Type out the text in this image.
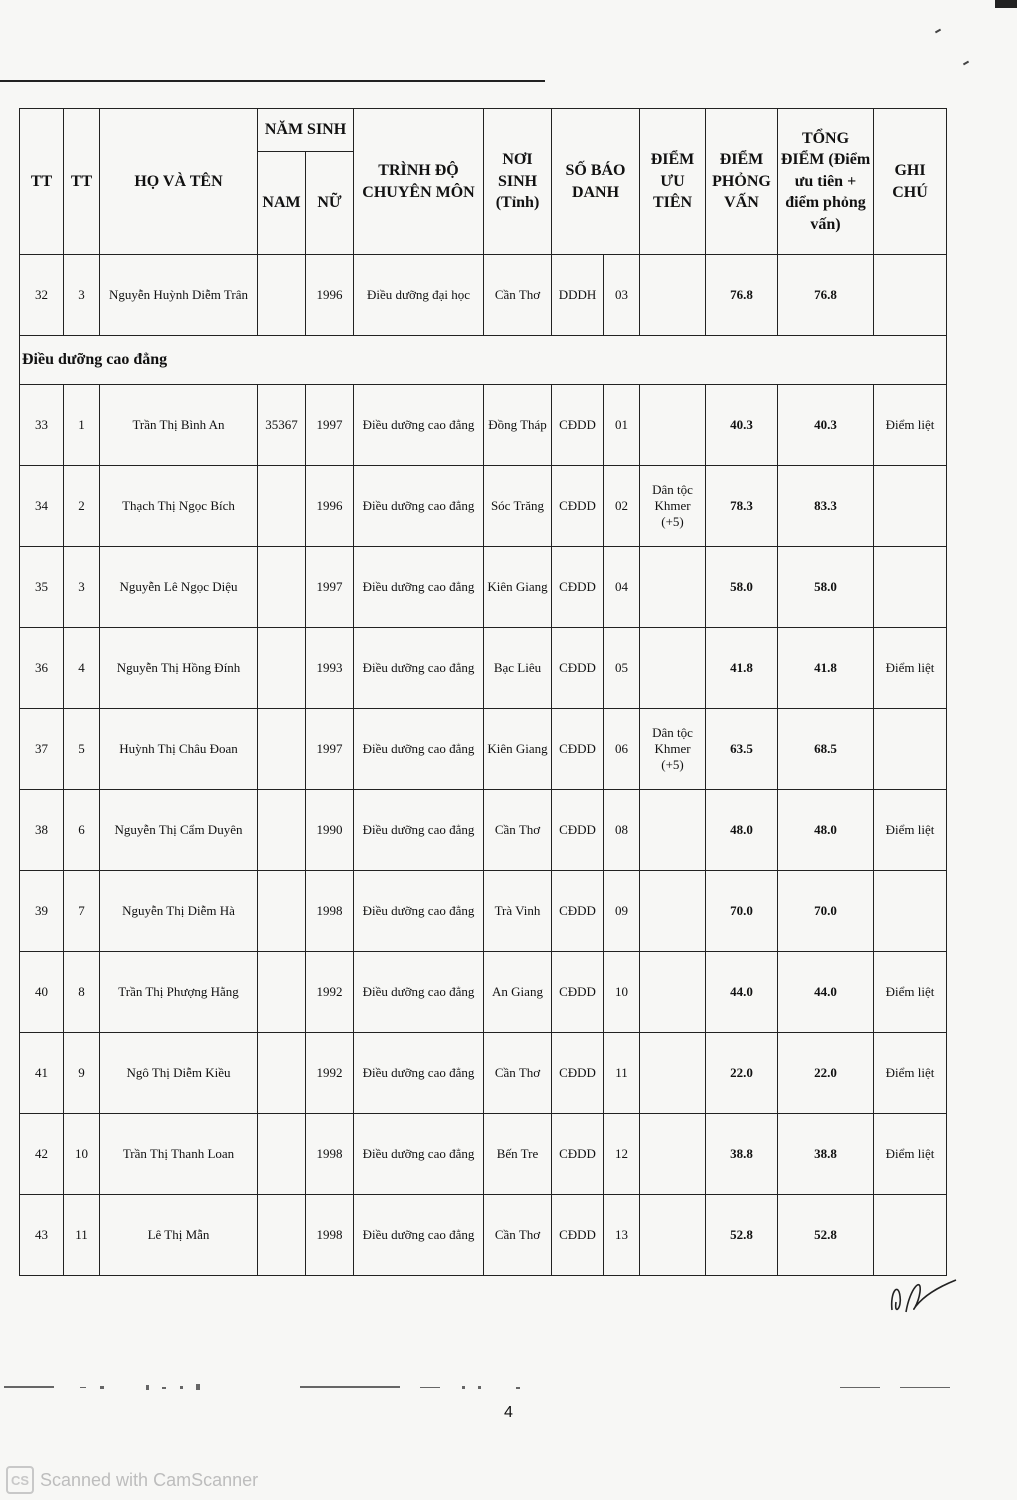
TT	TT	HỌ VÀ TÊN	NĂM SINH		TRÌNH ĐỘ CHUYÊN MÔN	NƠI SINH (Tỉnh)	SỐ BÁO DANH		ĐIỂM ƯU TIÊN	ĐIỂM PHỎNG VẤN	TỔNG ĐIỂM (Điểm ưu tiên + điểm phỏng vấn)	GHI CHÚ
			NAM	NỮ								
32	3	Nguyễn Huỳnh Diễm Trân		1996	Điều dưỡng đại học	Cần Thơ	DDDH	03		76.8	76.8	
Điều dưỡng cao đẳng												
33	1	Trần Thị Bình An	35367	1997	Điều dưỡng cao đẳng	Đồng Tháp	CĐDD	01		40.3	40.3	Điểm liệt
34	2	Thạch Thị Ngọc Bích		1996	Điều dưỡng cao đẳng	Sóc Trăng	CĐDD	02	Dân tộc Khmer (+5)	78.3	83.3	
35	3	Nguyễn Lê Ngọc Diệu		1997	Điều dưỡng cao đẳng	Kiên Giang	CĐDD	04		58.0	58.0	
36	4	Nguyễn Thị Hồng Đính		1993	Điều dưỡng cao đẳng	Bạc Liêu	CĐDD	05		41.8	41.8	Điểm liệt
37	5	Huỳnh Thị Châu Đoan		1997	Điều dưỡng cao đẳng	Kiên Giang	CĐDD	06	Dân tộc Khmer (+5)	63.5	68.5	
38	6	Nguyễn Thị Cẩm Duyên		1990	Điều dưỡng cao đẳng	Cần Thơ	CĐDD	08		48.0	48.0	Điểm liệt
39	7	Nguyễn Thị Diễm Hà		1998	Điều dưỡng cao đẳng	Trà Vinh	CĐDD	09		70.0	70.0	
40	8	Trần Thị Phượng Hằng		1992	Điều dưỡng cao đẳng	An Giang	CĐDD	10		44.0	44.0	Điểm liệt
41	9	Ngô Thị Diễm Kiều		1992	Điều dưỡng cao đẳng	Cần Thơ	CĐDD	11		22.0	22.0	Điểm liệt
42	10	Trần Thị Thanh Loan		1998	Điều dưỡng cao đẳng	Bến Tre	CĐDD	12		38.8	38.8	Điểm liệt
43	11	Lê Thị Mẫn		1998	Điều dưỡng cao đẳng	Cần Thơ	CĐDD	13		52.8	52.8	
4
CS Scanned with CamScanner
